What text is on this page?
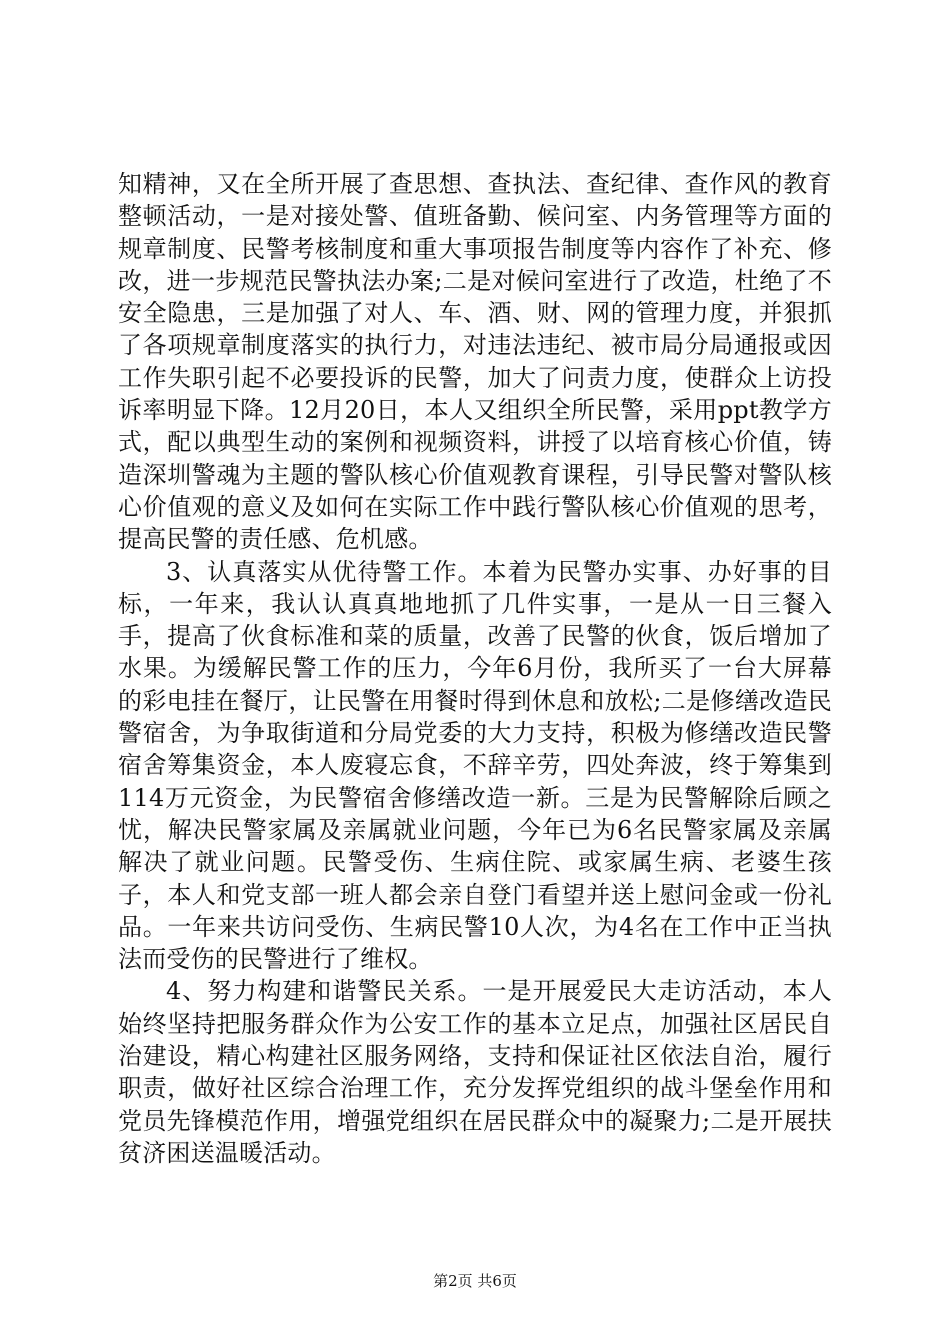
知精神，又在全所开展了查思想、查执法、查纪律、查作风的教育整顿活动，一是对接处警、值班备勤、候问室、内务管理等方面的规章制度、民警考核制度和重大事项报告制度等内容作了补充、修改，进一步规范民警执法办案;二是对候问室进行了改造，杜绝了不安全隐患，三是加强了对人、车、酒、财、网的管理力度，并狠抓了各项规章制度落实的执行力，对违法违纪、被市局分局通报或因工作失职引起不必要投诉的民警，加大了问责力度，使群众上访投诉率明显下降。12月20日，本人又组织全所民警，采用ppt教学方式，配以典型生动的案例和视频资料，讲授了以培育核心价值，铸造深圳警魂为主题的警队核心价值观教育课程，引导民警对警队核心价值观的意义及如何在实际工作中践行警队核心价值观的思考，提高民警的责任感、危机感。

3、认真落实从优待警工作。本着为民警办实事、办好事的目标，一年来，我认认真真地地抓了几件实事，一是从一日三餐入手，提高了伙食标准和菜的质量，改善了民警的伙食，饭后增加了水果。为缓解民警工作的压力，今年6月份，我所买了一台大屏幕的彩电挂在餐厅，让民警在用餐时得到休息和放松;二是修缮改造民警宿舍，为争取街道和分局党委的大力支持，积极为修缮改造民警宿舍筹集资金，本人废寝忘食，不辞辛劳，四处奔波，终于筹集到114万元资金，为民警宿舍修缮改造一新。三是为民警解除后顾之忧，解决民警家属及亲属就业问题，今年已为6名民警家属及亲属解决了就业问题。民警受伤、生病住院、或家属生病、老婆生孩子，本人和党支部一班人都会亲自登门看望并送上慰问金或一份礼品。一年来共访问受伤、生病民警10人次，为4名在工作中正当执法而受伤的民警进行了维权。

4、努力构建和谐警民关系。一是开展爱民大走访活动，本人始终坚持把服务群众作为公安工作的基本立足点，加强社区居民自治建设，精心构建社区服务网络，支持和保证社区依法自治，履行职责，做好社区综合治理工作，充分发挥党组织的战斗堡垒作用和党员先锋模范作用，增强党组织在居民群众中的凝聚力;二是开展扶贫济困送温暖活动。

第2页 共6页
